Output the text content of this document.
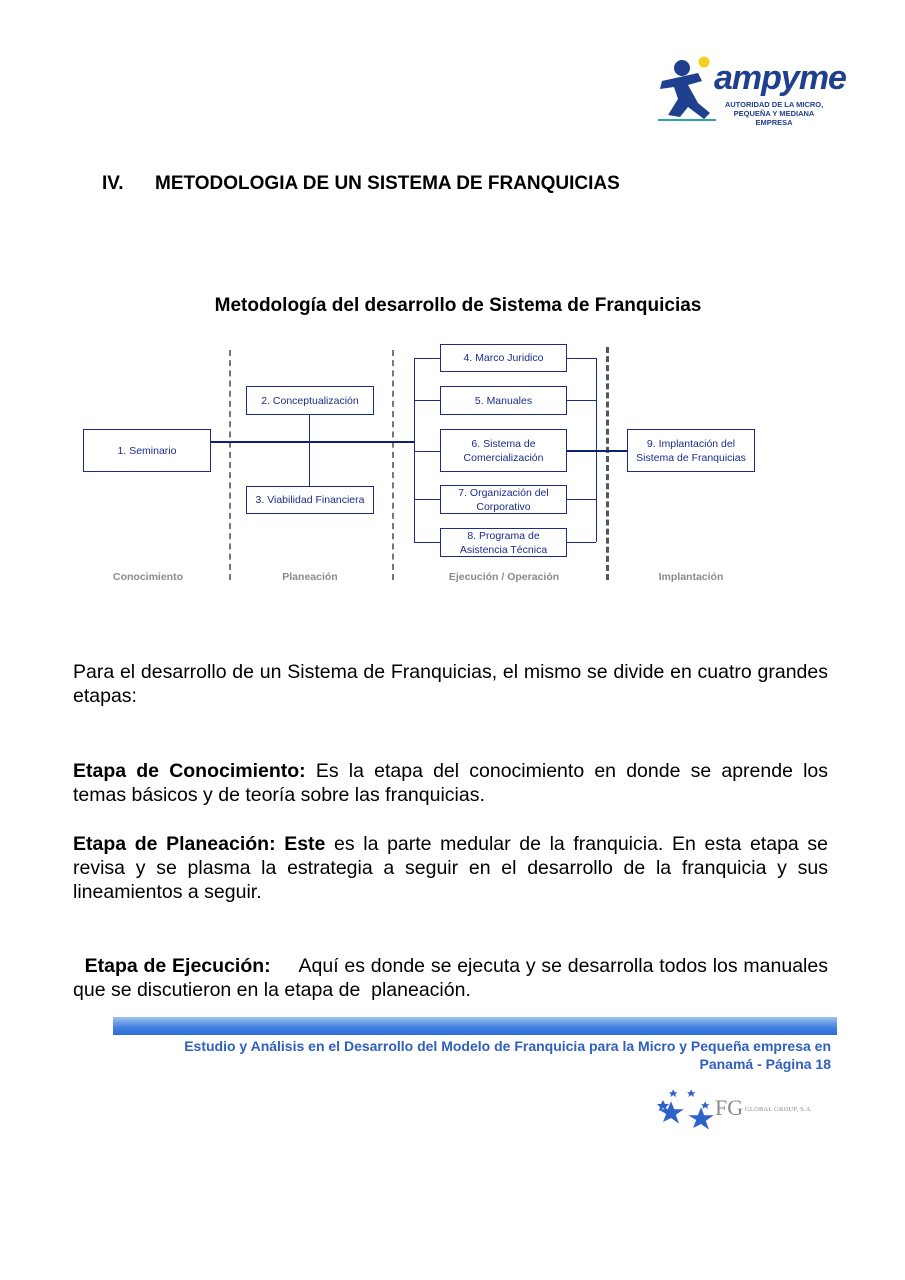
ampyme
AUTORIDAD DE LA MICRO,
PEQUEÑA Y MEDIANA EMPRESA
IV. METODOLOGIA DE UN SISTEMA DE FRANQUICIAS
Metodología del desarrollo de Sistema de Franquicias
1. Seminario
2. Conceptualización
3. Viabilidad Financiera
4. Marco Juridico
5. Manuales
6. Sistema de Comercialización
7. Organización del Corporativo
8. Programa de Asistencia Técnica
9. Implantación del Sistema de Franquicias
Conocimiento	Planeación	Ejecución / Operación	Implantación
Para el desarrollo de un Sistema de Franquicias, el mismo se divide en cuatro grandes etapas:
Etapa de Conocimiento: Es la etapa del conocimiento en donde se aprende los temas básicos y de teoría sobre las franquicias.
Etapa de Planeación: Este es la parte medular de la franquicia. En esta etapa se revisa y se plasma la estrategia a seguir en el desarrollo de la franquicia y sus lineamientos a seguir.

Etapa de Ejecución:     Aquí es donde se ejecuta y se desarrolla todos los manuales que se discutieron en la etapa de  planeación.

Estudio y Análisis en el Desarrollo del Modelo de Franquicia para la Micro y Pequeña empresa en
Panamá - Página 18
FG GLOBAL GROUP, S.A.
